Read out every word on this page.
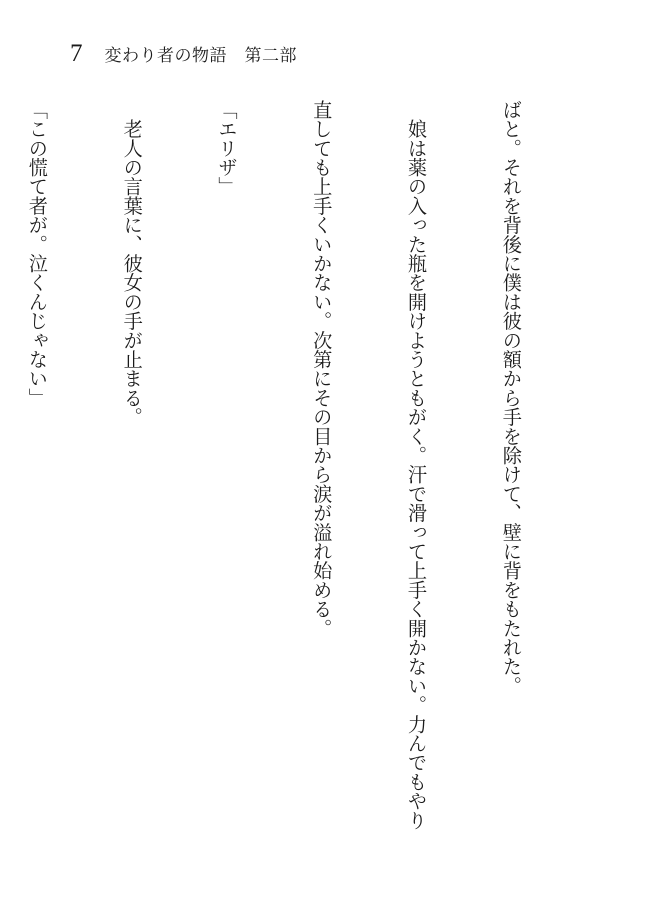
7 変わり者の物語　第二部

ばと。それを背後に僕は彼の額から手を除けて、壁に背をもたれた。

　娘は薬の入った瓶を開けようともがく。汗で滑って上手く開かない。力んでもやり

直しても上手くいかない。次第にその目から涙が溢れ始める。

「エリザ」

　老人の言葉に、彼女の手が止まる。

「この慌て者が。泣くんじゃない」
